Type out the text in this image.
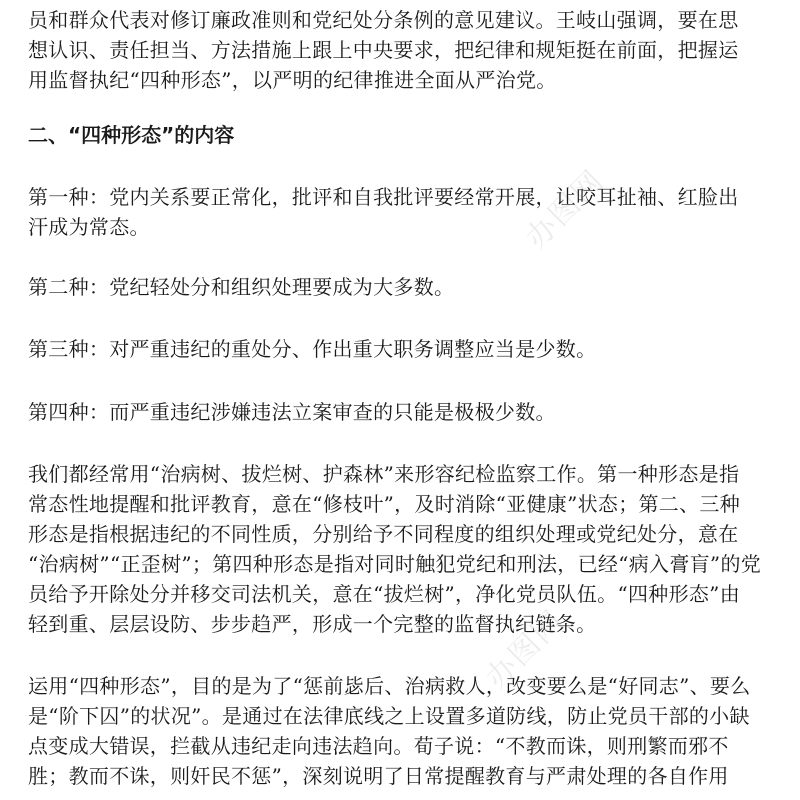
办图网
办图网
员和群众代表对修订廉政准则和党纪处分条例的意见建议。王岐山强调，要在思
想认识、责任担当、方法措施上跟上中央要求，把纪律和规矩挺在前面，把握运
用监督执纪“四种形态”，以严明的纪律推进全面从严治党。
二、“四种形态”的内容
第一种：党内关系要正常化，批评和自我批评要经常开展，让咬耳扯袖、红脸出
汗成为常态。
第二种：党纪轻处分和组织处理要成为大多数。
第三种：对严重违纪的重处分、作出重大职务调整应当是少数。
第四种：而严重违纪涉嫌违法立案审查的只能是极极少数。
我们都经常用“治病树、拔烂树、护森林”来形容纪检监察工作。第一种形态是指
常态性地提醒和批评教育，意在“修枝叶”，及时消除“亚健康”状态；第二、三种
形态是指根据违纪的不同性质，分别给予不同程度的组织处理或党纪处分，意在
“治病树”“正歪树”；第四种形态是指对同时触犯党纪和刑法，已经“病入膏肓”的党
员给予开除处分并移交司法机关，意在“拔烂树”，净化党员队伍。“四种形态”由
轻到重、层层设防、步步趋严，形成一个完整的监督执纪链条。
运用“四种形态”，目的是为了“惩前毖后、治病救人，改变要么是“好同志”、要么
是“阶下囚”的状况”。是通过在法律底线之上设置多道防线，防止党员干部的小缺
点变成大错误，拦截从违纪走向违法趋向。荀子说：“不教而诛，则刑繁而邪不
胜；教而不诛，则奸民不惩”，深刻说明了日常提醒教育与严肃处理的各自作用
